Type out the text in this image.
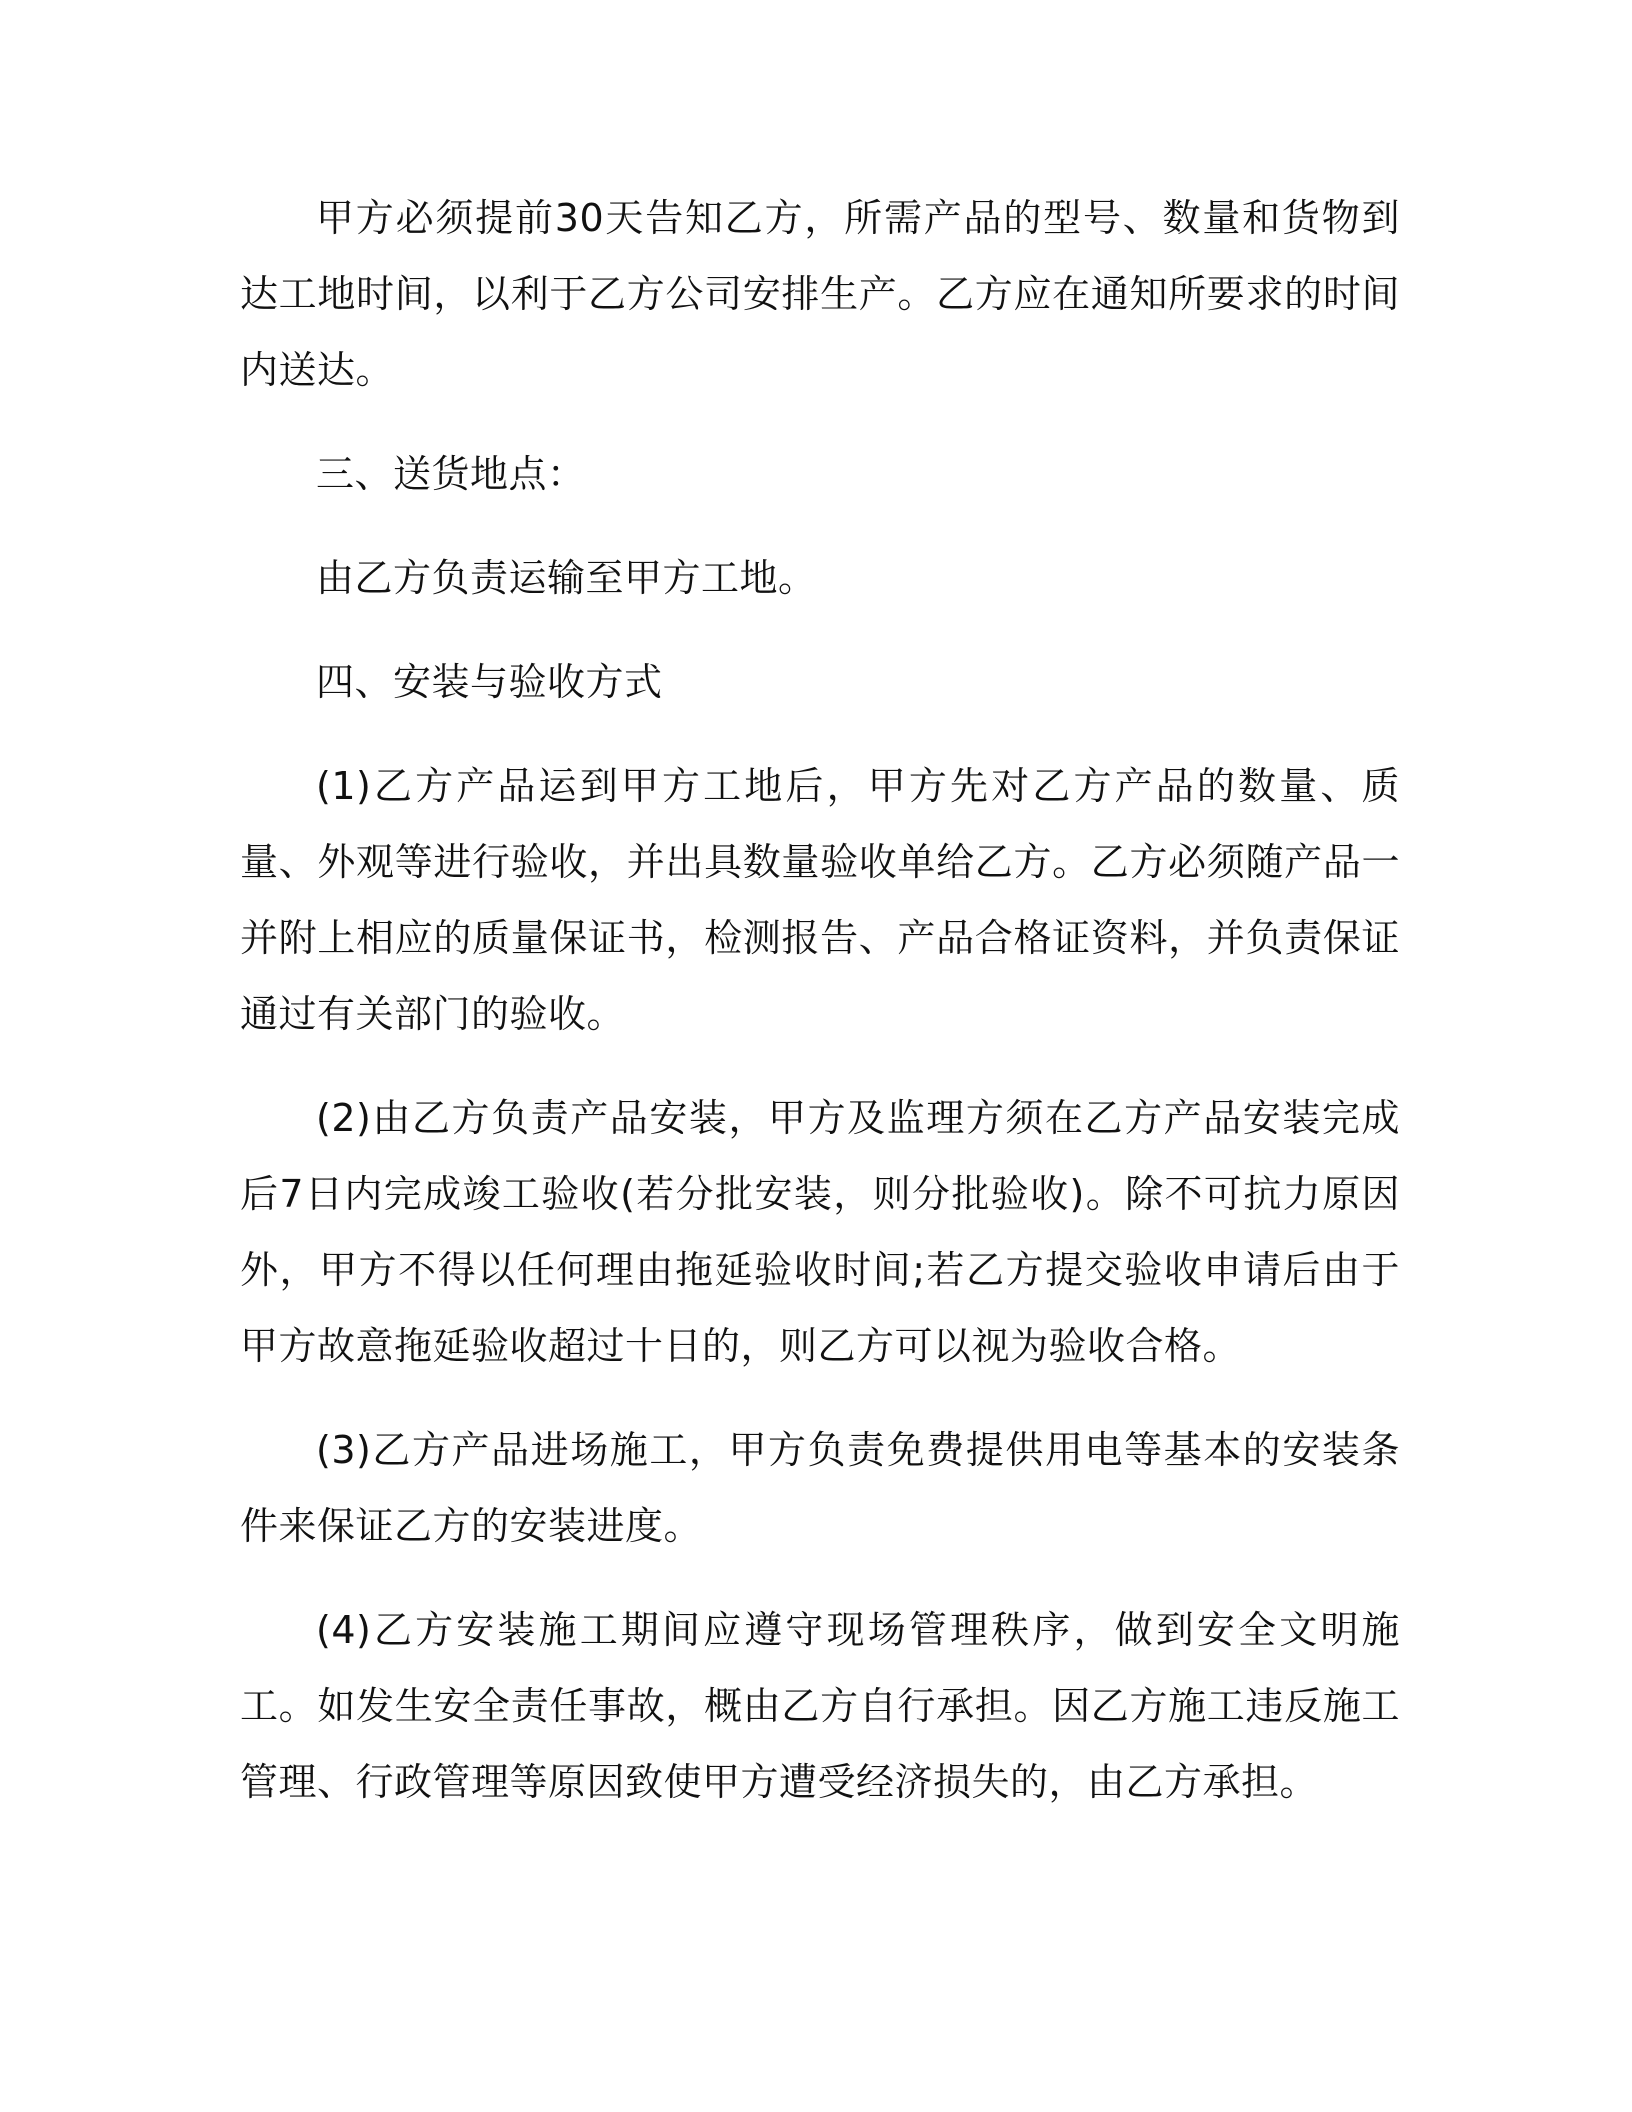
甲方必须提前30天告知乙方，所需产品的型号、数量和货物到达工地时间，以利于乙方公司安排生产。乙方应在通知所要求的时间内送达。

三、送货地点：

由乙方负责运输至甲方工地。

四、安装与验收方式

(1)乙方产品运到甲方工地后，甲方先对乙方产品的数量、质量、外观等进行验收，并出具数量验收单给乙方。乙方必须随产品一并附上相应的质量保证书，检测报告、产品合格证资料，并负责保证通过有关部门的验收。

(2)由乙方负责产品安装，甲方及监理方须在乙方产品安装完成后7日内完成竣工验收(若分批安装，则分批验收)。除不可抗力原因外，甲方不得以任何理由拖延验收时间;若乙方提交验收申请后由于甲方故意拖延验收超过十日的，则乙方可以视为验收合格。

(3)乙方产品进场施工，甲方负责免费提供用电等基本的安装条件来保证乙方的安装进度。

(4)乙方安装施工期间应遵守现场管理秩序，做到安全文明施工。如发生安全责任事故，概由乙方自行承担。因乙方施工违反施工管理、行政管理等原因致使甲方遭受经济损失的，由乙方承担。
